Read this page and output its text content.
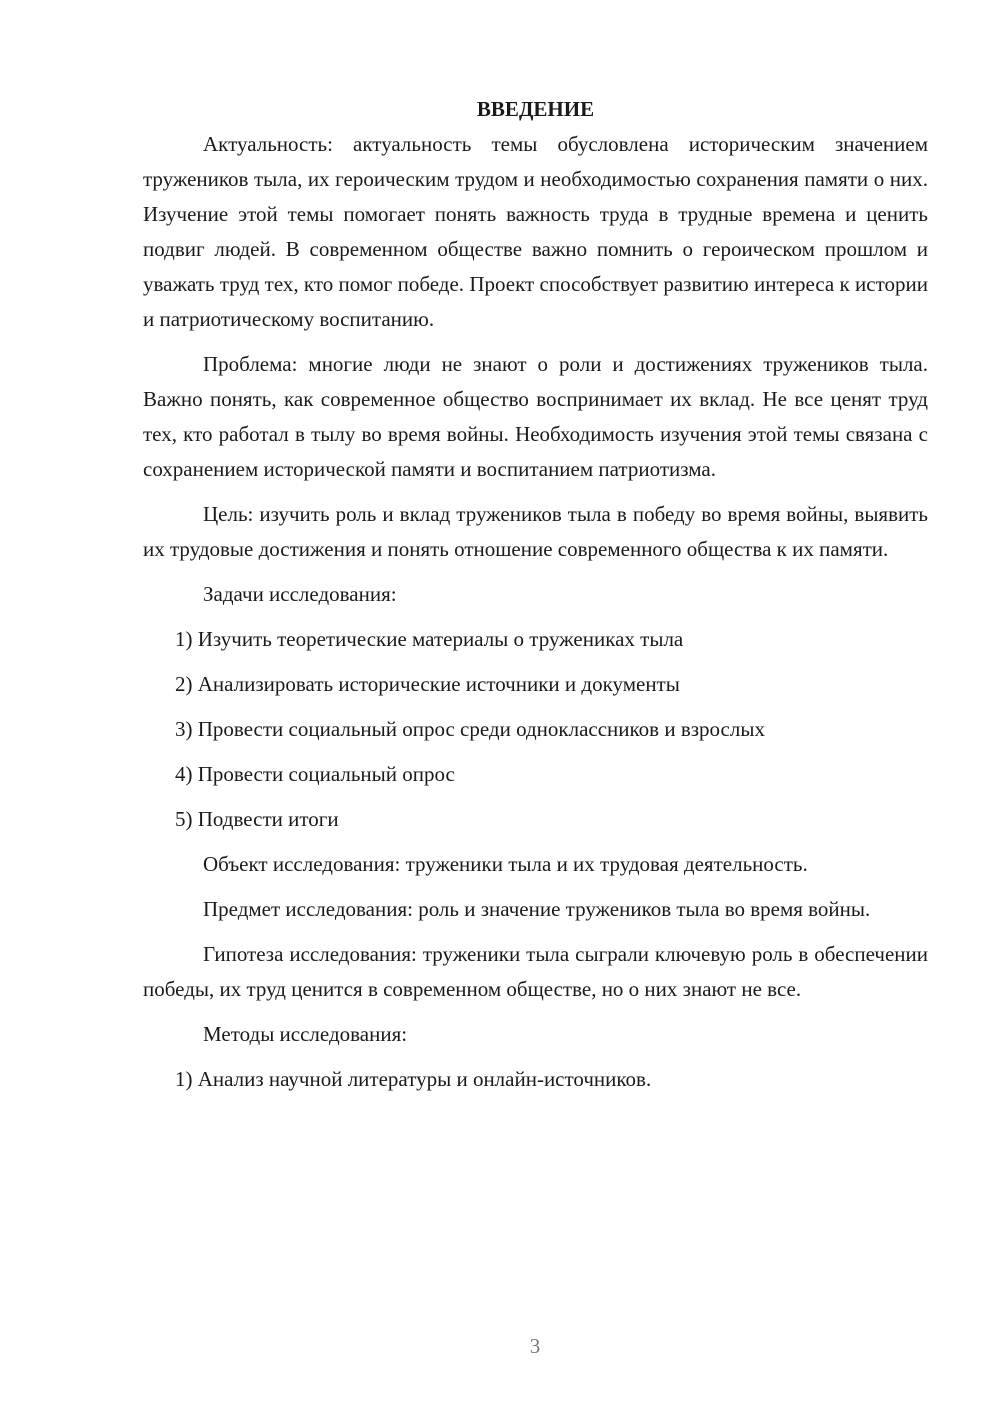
ВВЕДЕНИЕ

Актуальность: актуальность темы обусловлена историческим значением тружеников тыла, их героическим трудом и необходимостью сохранения памяти о них. Изучение этой темы помогает понять важность труда в трудные времена и ценить подвиг людей. В современном обществе важно помнить о героическом прошлом и уважать труд тех, кто помог победе. Проект способствует развитию интереса к истории и патриотическому воспитанию.

Проблема: многие люди не знают о роли и достижениях тружеников тыла. Важно понять, как современное общество воспринимает их вклад. Не все ценят труд тех, кто работал в тылу во время войны. Необходимость изучения этой темы связана с сохранением исторической памяти и воспитанием патриотизма.

Цель: изучить роль и вклад тружеников тыла в победу во время войны, выявить их трудовые достижения и понять отношение современного общества к их памяти.

Задачи исследования:

1) Изучить теоретические материалы о тружениках тыла

2) Анализировать исторические источники и документы

3) Провести социальный опрос среди одноклассников и взрослых

4) Провести социальный опрос

5) Подвести итоги

Объект исследования: труженики тыла и их трудовая деятельность.

Предмет исследования: роль и значение тружеников тыла во время войны.

Гипотеза исследования: труженики тыла сыграли ключевую роль в обеспечении победы, их труд ценится в современном обществе, но о них знают не все.

Методы исследования:

1) Анализ научной литературы и онлайн-источников.

3
